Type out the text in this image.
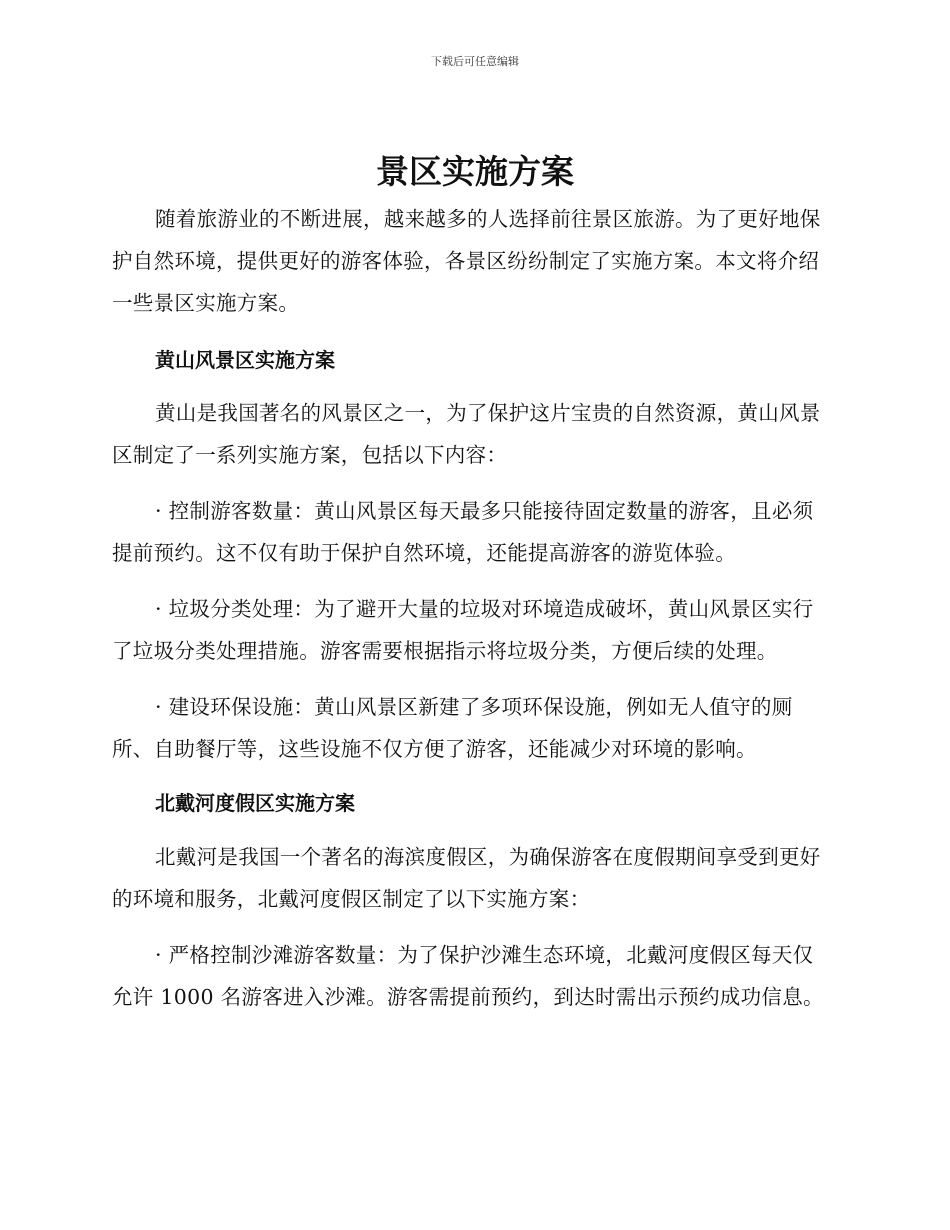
下载后可任意编辑
景区实施方案

随着旅游业的不断进展，越来越多的人选择前往景区旅游。为了更好地保护自然环境，提供更好的游客体验，各景区纷纷制定了实施方案。本文将介绍一些景区实施方案。

黄山风景区实施方案

黄山是我国著名的风景区之一，为了保护这片宝贵的自然资源，黄山风景区制定了一系列实施方案，包括以下内容：

· 控制游客数量：黄山风景区每天最多只能接待固定数量的游客，且必须提前预约。这不仅有助于保护自然环境，还能提高游客的游览体验。

· 垃圾分类处理：为了避开大量的垃圾对环境造成破坏，黄山风景区实行了垃圾分类处理措施。游客需要根据指示将垃圾分类，方便后续的处理。

· 建设环保设施：黄山风景区新建了多项环保设施，例如无人值守的厕所、自助餐厅等，这些设施不仅方便了游客，还能减少对环境的影响。

北戴河度假区实施方案

北戴河是我国一个著名的海滨度假区，为确保游客在度假期间享受到更好的环境和服务，北戴河度假区制定了以下实施方案：

· 严格控制沙滩游客数量：为了保护沙滩生态环境，北戴河度假区每天仅允许 1000 名游客进入沙滩。游客需提前预约，到达时需出示预约成功信息。
